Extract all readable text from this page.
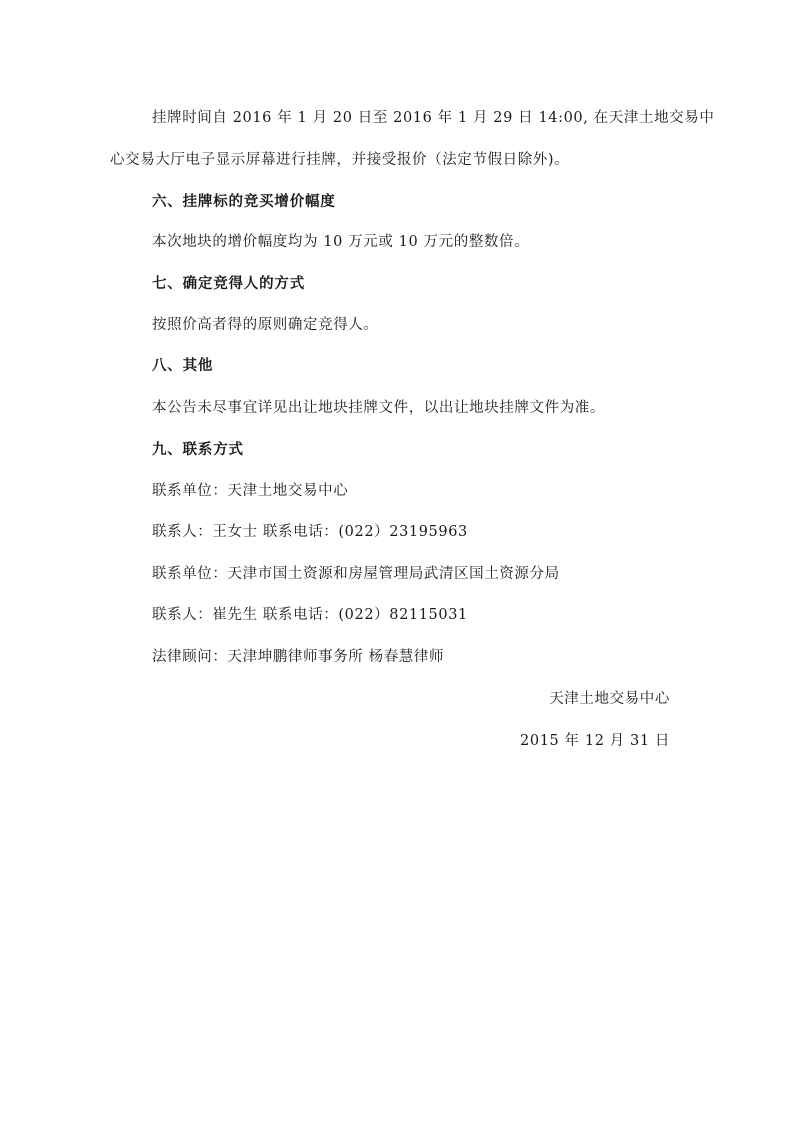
挂牌时间自 2016 年 1 月 20 日至 2016 年 1 月 29 日 14:00, 在天津土地交易中
心交易大厅电子显示屏幕进行挂牌，并接受报价（法定节假日除外)。
六、挂牌标的竞买增价幅度
本次地块的增价幅度均为 10 万元或 10 万元的整数倍。
七、确定竞得人的方式
按照价高者得的原则确定竞得人。
八、其他
本公告未尽事宜详见出让地块挂牌文件，以出让地块挂牌文件为准。
九、联系方式
联系单位：天津土地交易中心
联系人：王女士 联系电话：(022）23195963
联系单位：天津市国土资源和房屋管理局武清区国土资源分局
联系人：崔先生 联系电话：(022）82115031
法律顾问：天津坤鹏律师事务所 杨春慧律师
天津土地交易中心
2015 年 12 月 31 日
